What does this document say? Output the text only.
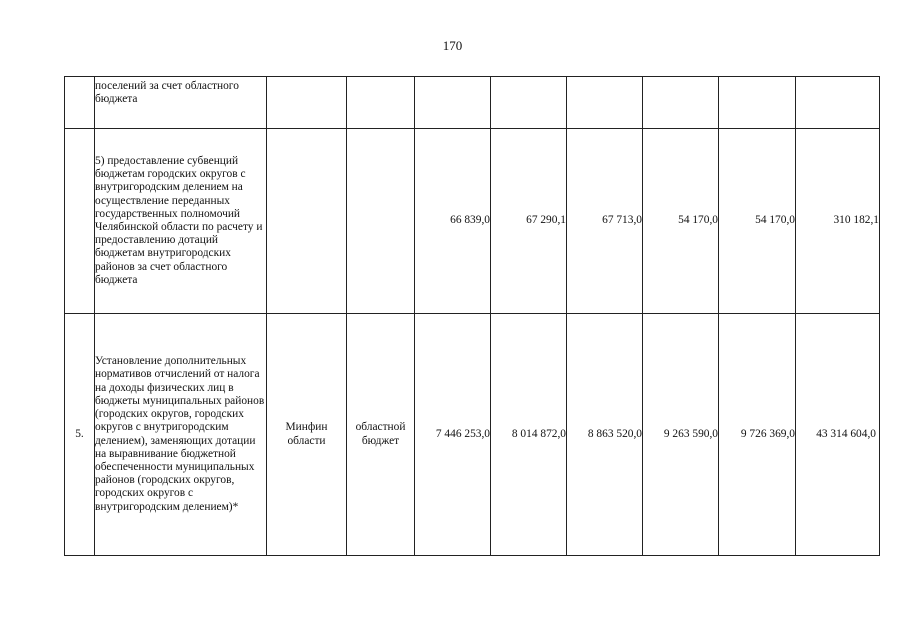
170
	поселений за счет областного бюджета								
	5) предоставление субвенций бюджетам городских округов с внутригородским делением на осуществление переданных государственных полномочий Челябинской области по расчету и предоставлению дотаций бюджетам внутригородских районов за счет областного бюджета			66 839,0	67 290,1	67 713,0	54 170,0	54 170,0	310 182,1
5.	Установление дополнительных нормативов отчислений от налога на доходы физических лиц в бюджеты муниципальных районов (городских округов, городских округов с внутригородским делением), заменяющих дотации на выравнивание бюджетной обеспеченности муниципальных районов (городских округов, городских округов с внутригородским делением)*	Минфин области	областной бюджет	7 446 253,0	8 014 872,0	8 863 520,0	9 263 590,0	9 726 369,0	43 314 604,0
